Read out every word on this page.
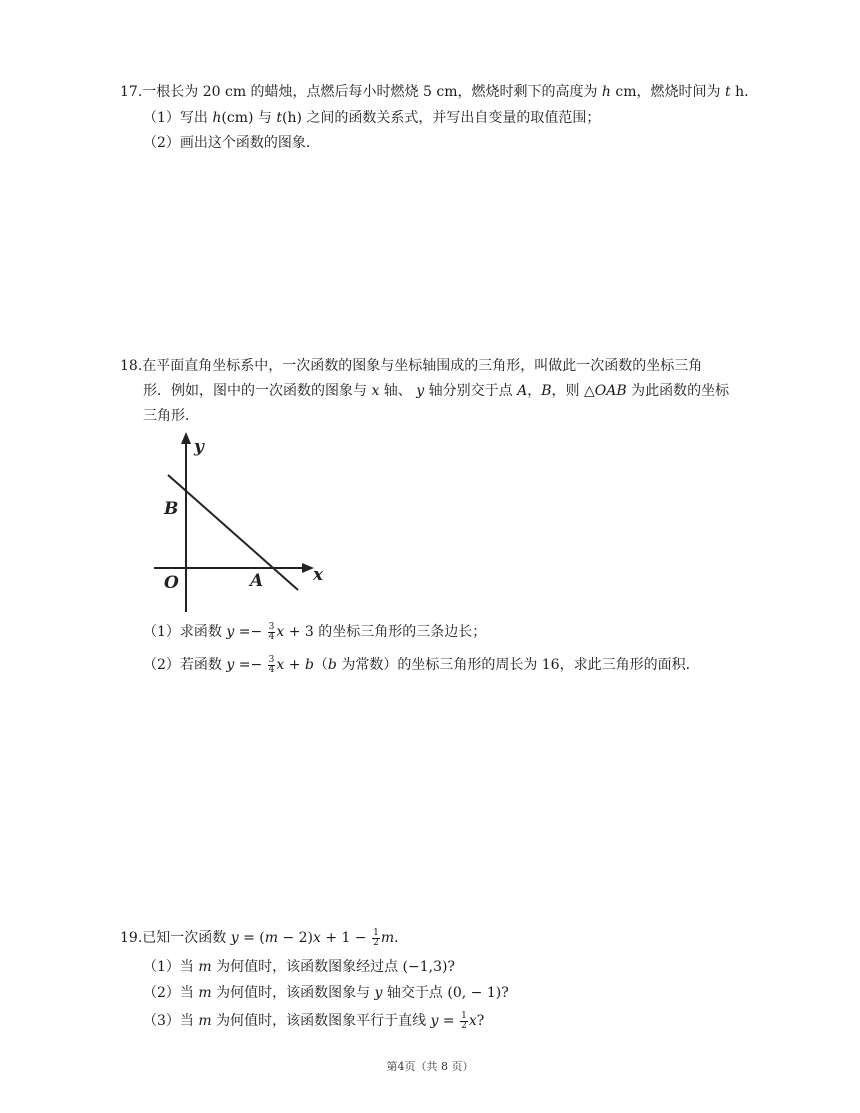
17.一根长为 20 cm 的蜡烛，点燃后每小时燃烧 5 cm，燃烧时剩下的高度为 h cm，燃烧时间为 t h．
（1）写出 h(cm) 与 t(h) 之间的函数关系式，并写出自变量的取值范围；
（2）画出这个函数的图象．
18.在平面直角坐标系中，一次函数的图象与坐标轴围成的三角形，叫做此一次函数的坐标三角
形．例如，图中的一次函数的图象与 x 轴、 y 轴分别交于点 A，B，则 △OAB 为此函数的坐标
三角形．
y
x
B
O	A
（1）求函数 $y =- \frac{3}{4}$ x + 3 的坐标三角形的三条边长；
（2）若函数 $y =- \frac{3}{4}$ x + b（b 为常数）的坐标三角形的周长为 16，求此三角形的面积．
19.已知一次函数 $y = (m - 2)x + 1 - \frac{1}{2}$ m．
（1）当 m 为何值时，该函数图象经过点 (−1,3)?
（2）当 m 为何值时，该函数图象与 y 轴交于点 (0, − 1)?
（3）当 m 为何值时，该函数图象平行于直线 $y = \frac{1}{2} x$?
第4页（共 8 页）
